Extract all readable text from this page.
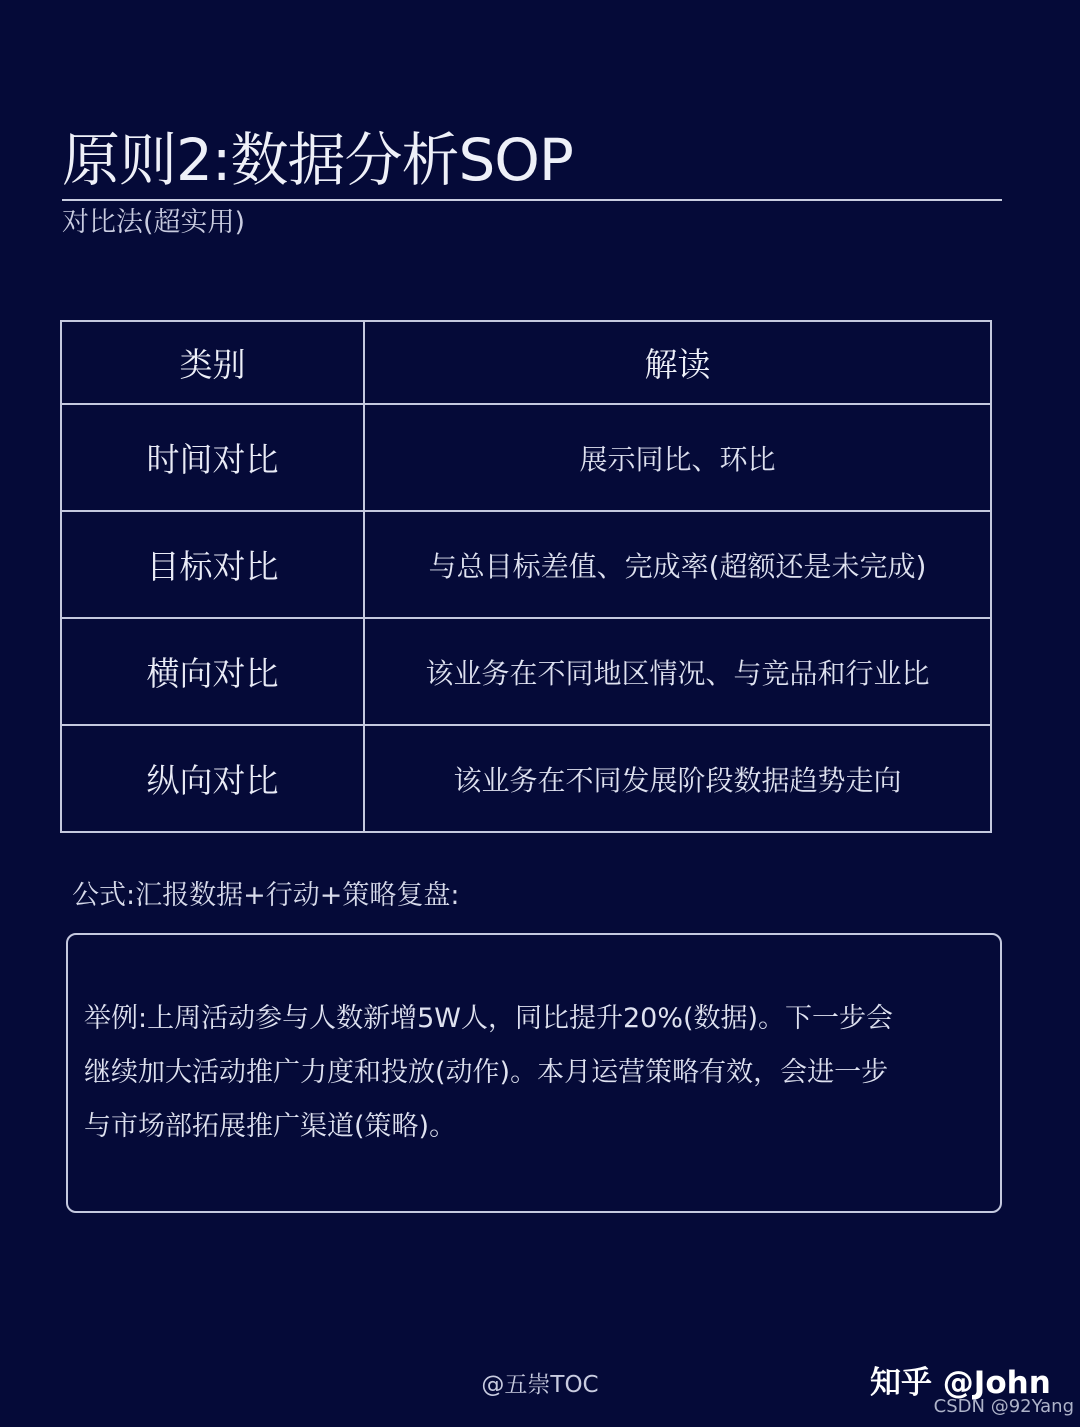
原则2:数据分析SOP
对比法(超实用)
类别	解读
时间对比	展示同比、环比
目标对比	与总目标差值、完成率(超额还是未完成)
横向对比	该业务在不同地区情况、与竞品和行业比
纵向对比	该业务在不同发展阶段数据趋势走向
公式:汇报数据+行动+策略复盘:
举例:上周活动参与人数新增5W人，同比提升20%(数据)。下一步会
继续加大活动推广力度和投放(动作)。本月运营策略有效，会进一步
与市场部拓展推广渠道(策略)。
@五崇TOC	知乎 @John
CSDN @92Yang
